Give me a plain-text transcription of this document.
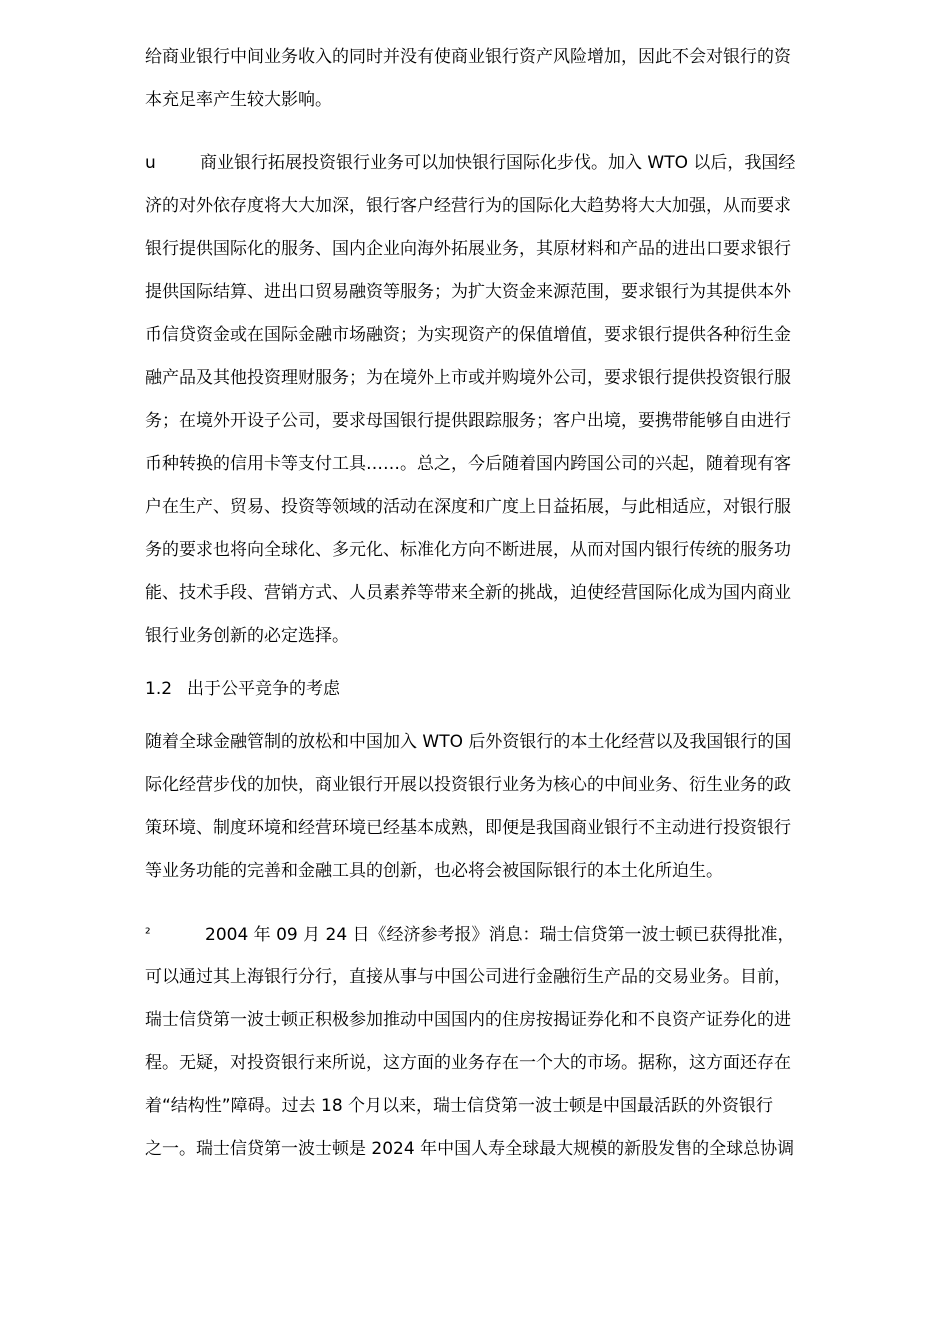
给商业银行中间业务收入的同时并没有使商业银行资产风险增加，因此不会对银行的资
本充足率产生较大影响。
u	商业银行拓展投资银行业务可以加快银行国际化步伐。加入 WTO 以后，我国经
济的对外依存度将大大加深，银行客户经营行为的国际化大趋势将大大加强，从而要求
银行提供国际化的服务、国内企业向海外拓展业务，其原材料和产品的进出口要求银行
提供国际结算、进出口贸易融资等服务；为扩大资金来源范围，要求银行为其提供本外
币信贷资金或在国际金融市场融资；为实现资产的保值增值，要求银行提供各种衍生金
融产品及其他投资理财服务；为在境外上市或并购境外公司，要求银行提供投资银行服
务；在境外开设子公司，要求母国银行提供跟踪服务；客户出境，要携带能够自由进行
币种转换的信用卡等支付工具……。总之，今后随着国内跨国公司的兴起，随着现有客
户在生产、贸易、投资等领域的活动在深度和广度上日益拓展，与此相适应，对银行服
务的要求也将向全球化、多元化、标准化方向不断进展，从而对国内银行传统的服务功
能、技术手段、营销方式、人员素养等带来全新的挑战，迫使经营国际化成为国内商业
银行业务创新的必定选择。
1.2 出于公平竞争的考虑
随着全球金融管制的放松和中国加入 WTO 后外资银行的本土化经营以及我国银行的国
际化经营步伐的加快，商业银行开展以投资银行业务为核心的中间业务、衍生业务的政
策环境、制度环境和经营环境已经基本成熟，即便是我国商业银行不主动进行投资银行
等业务功能的完善和金融工具的创新，也必将会被国际银行的本土化所迫生。
²	2004 年 09 月 24 日《经济参考报》消息：瑞士信贷第一波士顿已获得批准，
可以通过其上海银行分行，直接从事与中国公司进行金融衍生产品的交易业务。目前，
瑞士信贷第一波士顿正积极参加推动中国国内的住房按揭证券化和不良资产证券化的进
程。无疑，对投资银行来所说，这方面的业务存在一个大的市场。据称，这方面还存在
着“结构性”障碍。过去 18 个月以来，瑞士信贷第一波士顿是中国最活跃的外资银行
之一。瑞士信贷第一波士顿是 2024 年中国人寿全球最大规模的新股发售的全球总协调
